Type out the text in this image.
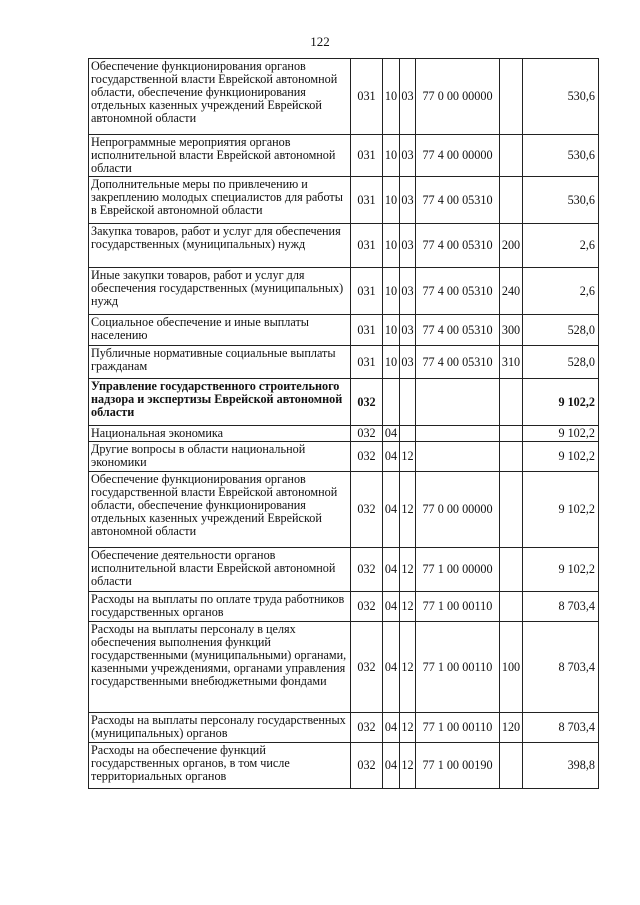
122
Обеспечение функционирования органов государственной власти Еврейской автономной области, обеспечение функционирования отдельных казенных учреждений Еврейской автономной области	031	10	03	77 0 00 00000		530,6
Непрограммные мероприятия органов исполнительной власти Еврейской автономной области	031	10	03	77 4 00 00000		530,6
Дополнительные меры по привлечению и закреплению молодых специалистов для работы в Еврейской автономной области	031	10	03	77 4 00 05310		530,6
Закупка товаров, работ и услуг для обеспечения государственных (муниципальных) нужд	031	10	03	77 4 00 05310	200	2,6
Иные закупки товаров, работ и услуг для обеспечения государственных (муниципальных) нужд	031	10	03	77 4 00 05310	240	2,6
Социальное обеспечение и иные выплаты населению	031	10	03	77 4 00 05310	300	528,0
Публичные нормативные социальные выплаты гражданам	031	10	03	77 4 00 05310	310	528,0
Управление государственного строительного надзора и экспертизы Еврейской автономной области	032					9 102,2
Национальная экономика	032	04				9 102,2
Другие вопросы в области национальной экономики	032	04	12			9 102,2
Обеспечение функционирования органов государственной власти Еврейской автономной области, обеспечение функционирования отдельных казенных учреждений Еврейской автономной области	032	04	12	77 0 00 00000		9 102,2
Обеспечение деятельности органов исполнительной власти Еврейской автономной области	032	04	12	77 1 00 00000		9 102,2
Расходы на выплаты по оплате труда работников государственных органов	032	04	12	77 1 00 00110		8 703,4
Расходы на выплаты персоналу в целях обеспечения выполнения функций государственными (муниципальными) органами, казенными учреждениями, органами управления государственными внебюджетными фондами	032	04	12	77 1 00 00110	100	8 703,4
Расходы на выплаты персоналу государственных (муниципальных) органов	032	04	12	77 1 00 00110	120	8 703,4
Расходы на обеспечение функций государственных органов, в том числе территориальных органов	032	04	12	77 1 00 00190		398,8
